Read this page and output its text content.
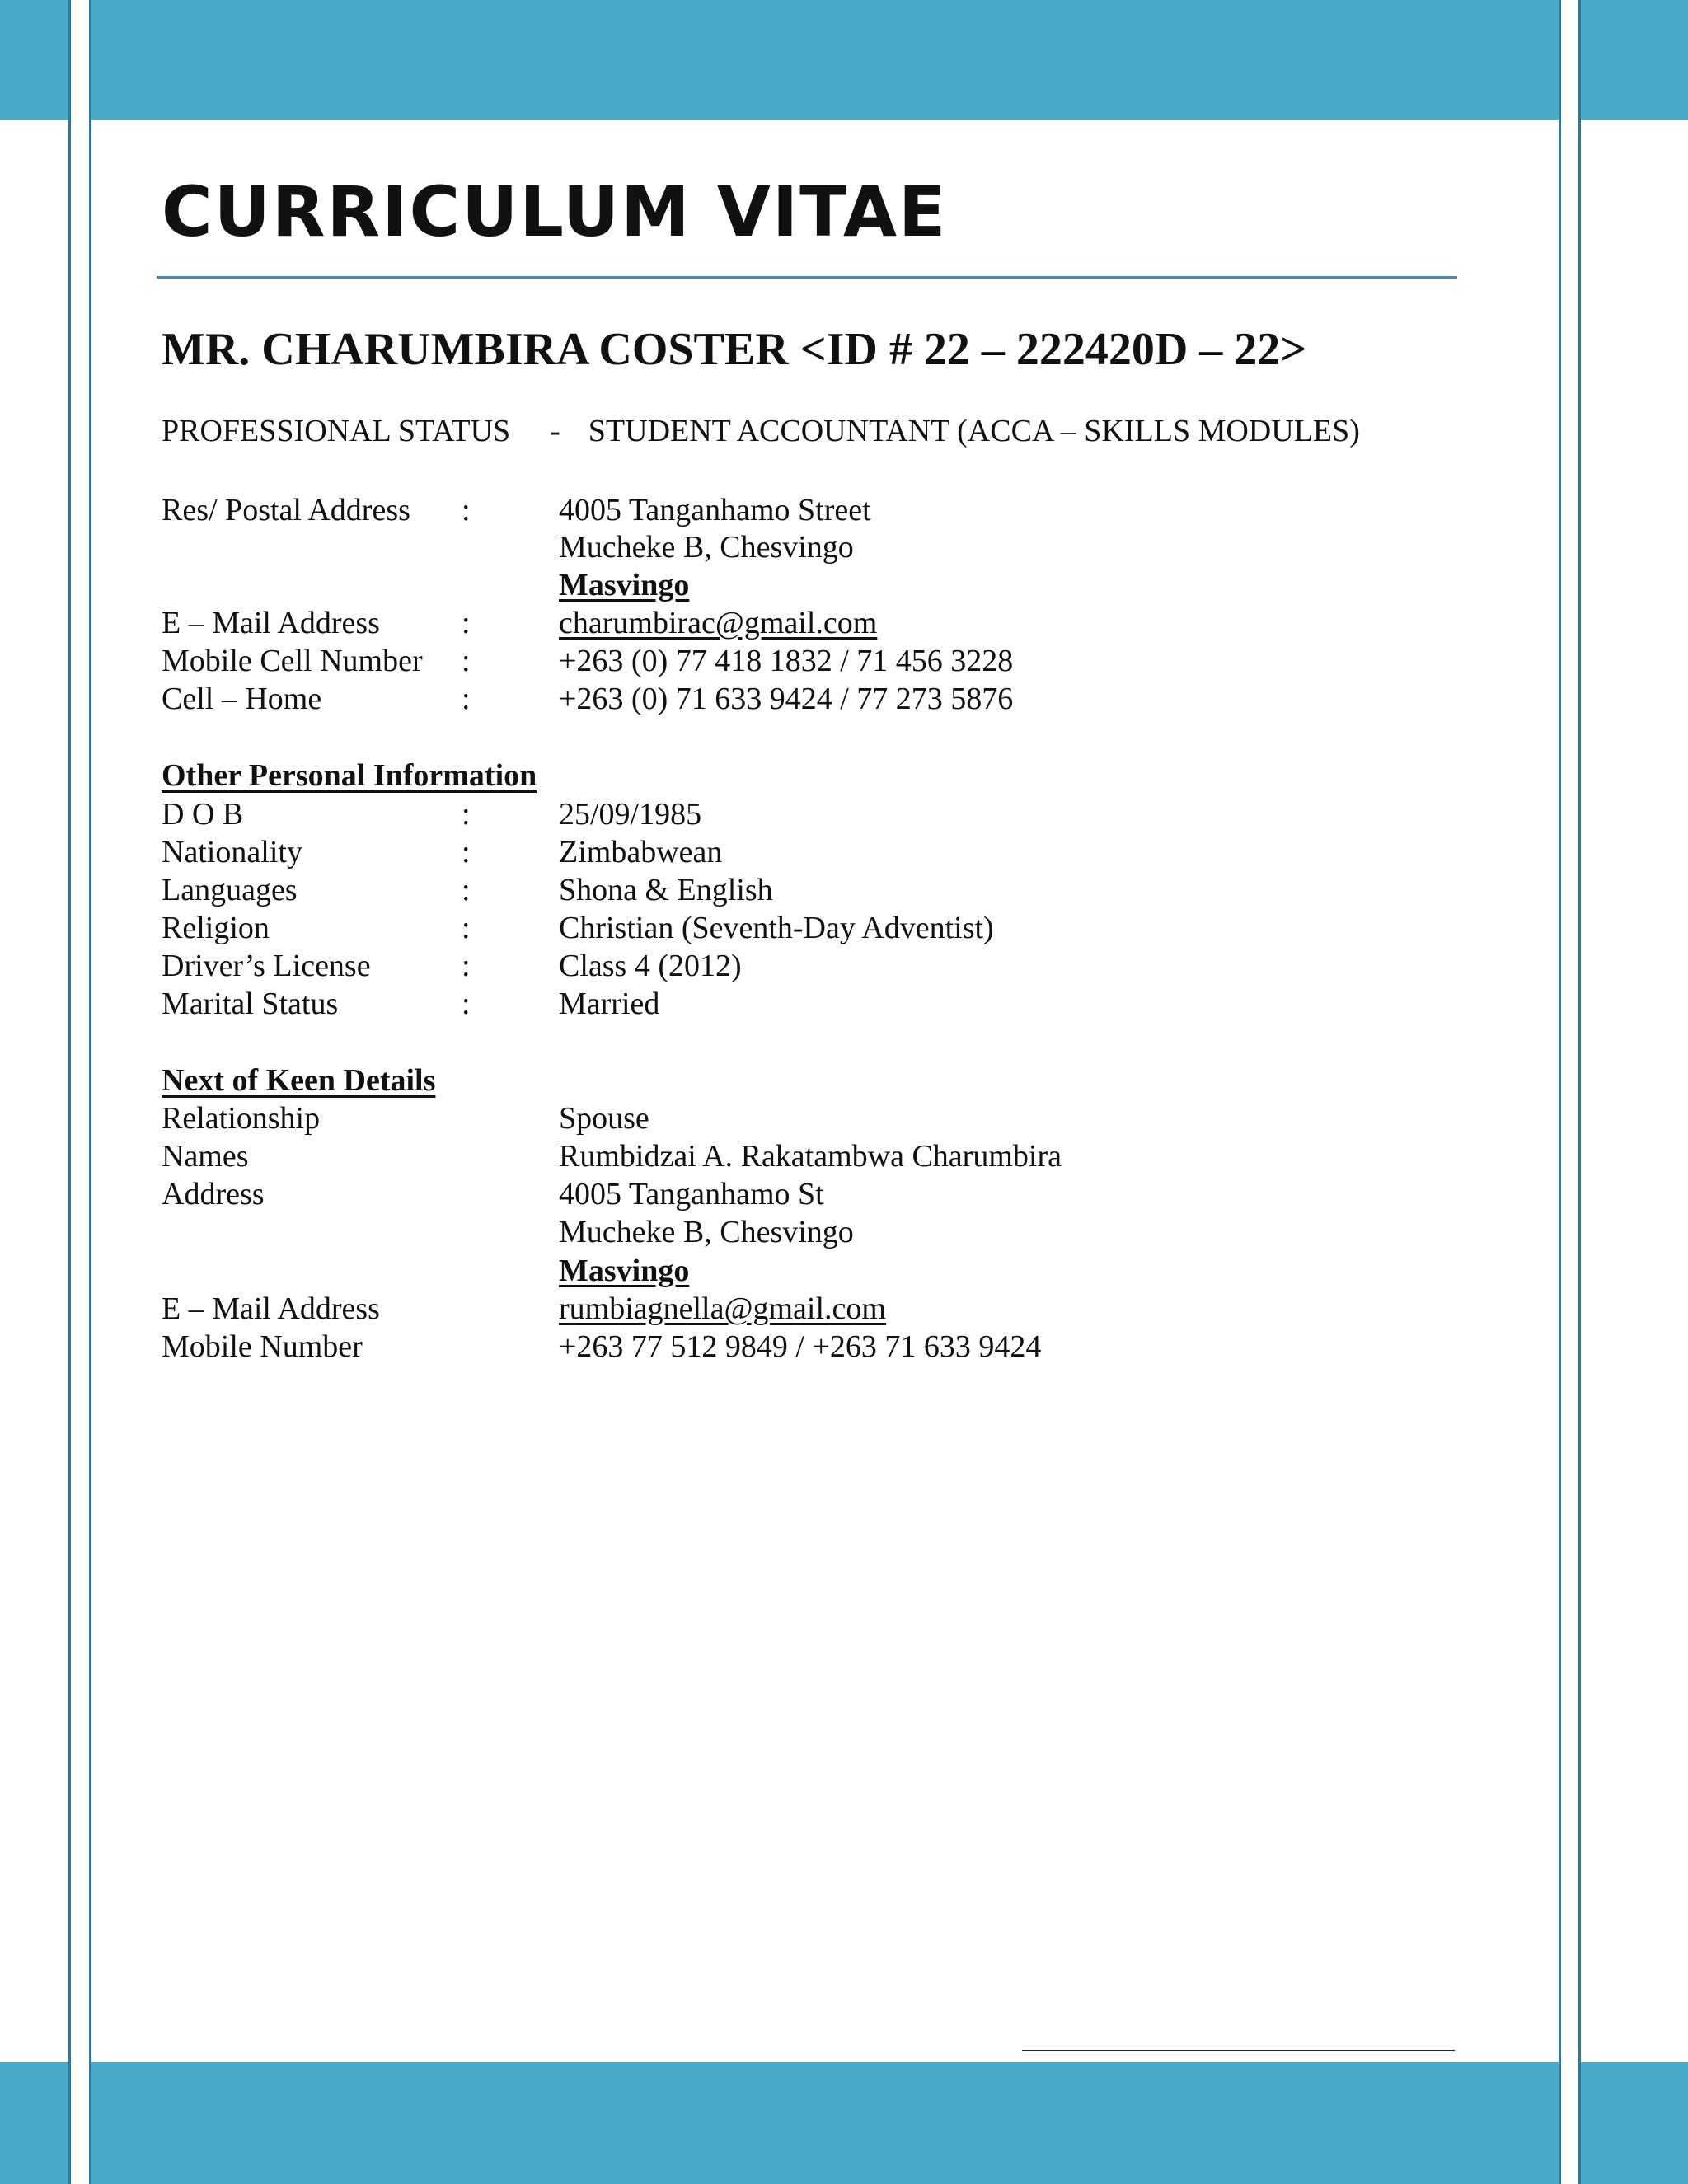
CURRICULUM VITAE
MR. CHARUMBIRA COSTER <ID # 22 – 222420D – 22>
PROFESSIONAL STATUS - STUDENT ACCOUNTANT (ACCA – SKILLS MODULES)
Res/ Postal Address :	4005 Tanganhamo Street
Mucheke B, Chesvingo
Masvingo
E – Mail Address	:	charumbirac@gmail.com
Mobile Cell Number :	+263 (0) 77 418 1832 / 71 456 3228
Cell – Home	:	+263 (0) 71 633 9424 / 77 273 5876
Other Personal Information
D O B	:	25/09/1985
Nationality	:	Zimbabwean
Languages	:	Shona & English
Religion	:	Christian (Seventh-Day Adventist)
Driver’s License	:	Class 4 (2012)
Marital Status	:	Married
Next of Keen Details
Relationship	Spouse
Names	Rumbidzai A. Rakatambwa Charumbira
Address	4005 Tanganhamo St
Mucheke B, Chesvingo
Masvingo
E – Mail Address	rumbiagnella@gmail.com
Mobile Number	+263 77 512 9849 / +263 71 633 9424
